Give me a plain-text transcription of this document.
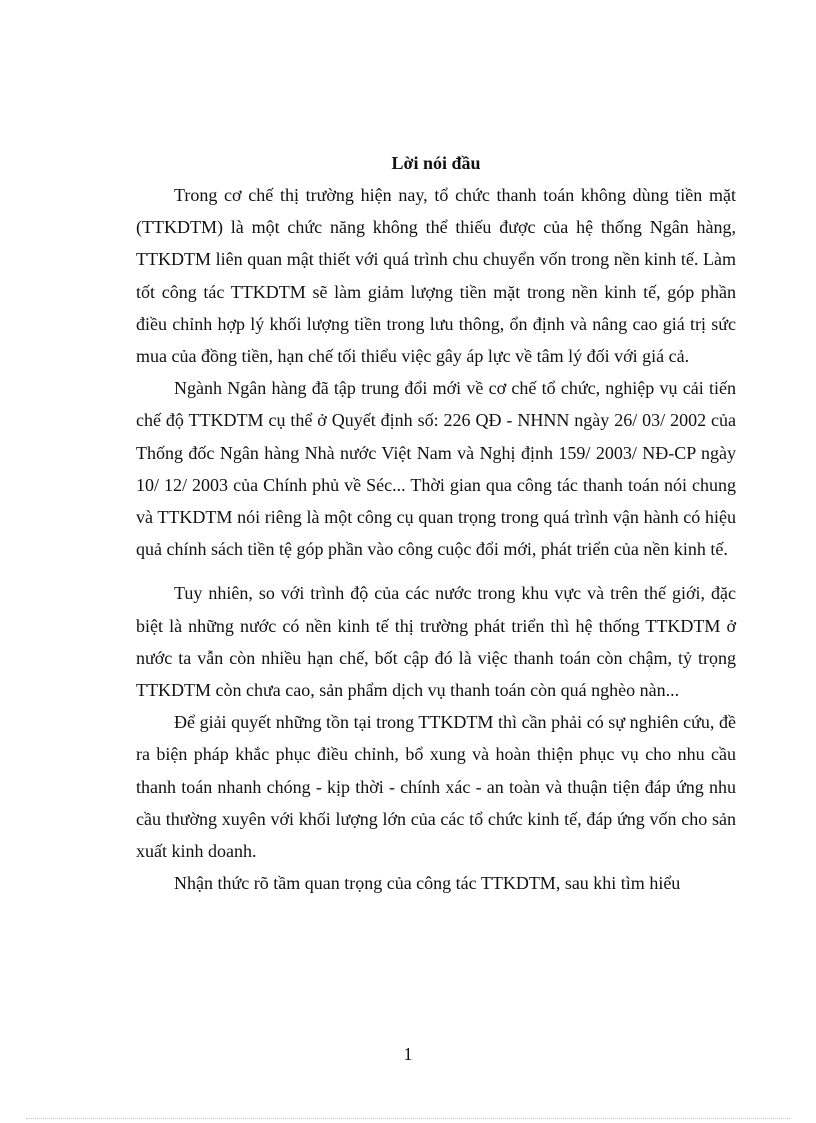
Lời nói đầu

Trong cơ chế thị trường hiện nay, tổ chức thanh toán không dùng tiền mặt (TTKDTM) là một chức năng không thể thiếu được của hệ thống Ngân hàng, TTKDTM liên quan mật thiết với quá trình chu chuyển vốn trong nền kinh tế. Làm tốt công tác TTKDTM sẽ làm giảm lượng tiền mặt trong nền kinh tế, góp phần điều chỉnh hợp lý khối lượng tiền trong lưu thông, ổn định và nâng cao giá trị sức mua của đồng tiền, hạn chế tối thiểu việc gây áp lực về tâm lý đối với giá cả.

Ngành Ngân hàng đã tập trung đổi mới về cơ chế tổ chức, nghiệp vụ cải tiến chế độ TTKDTM cụ thể ở Quyết định số: 226 QĐ - NHNN ngày 26/ 03/ 2002 của Thống đốc Ngân hàng Nhà nước Việt Nam và Nghị định 159/ 2003/ NĐ-CP ngày 10/ 12/ 2003 của Chính phủ về Séc... Thời gian qua công tác thanh toán nói chung và TTKDTM nói riêng là một công cụ quan trọng trong quá trình vận hành có hiệu quả chính sách tiền tệ góp phần vào công cuộc đổi mới, phát triển của nền kinh tế.

Tuy nhiên, so với trình độ của các nước trong khu vực và trên thế giới, đặc biệt là những nước có nền kinh tế thị trường phát triển thì hệ thống TTKDTM ở nước ta vẫn còn nhiều hạn chế, bốt cập đó là việc thanh toán còn chậm, tỷ trọng TTKDTM còn chưa cao, sản phẩm dịch vụ thanh toán còn quá nghèo nàn...

Để giải quyết những tồn tại trong TTKDTM thì cần phải có sự nghiên cứu, đề ra biện pháp khắc phục điều chỉnh, bổ xung và hoàn thiện phục vụ cho nhu cầu thanh toán nhanh chóng - kịp thời - chính xác - an toàn và thuận tiện đáp ứng nhu cầu thường xuyên với khối lượng lớn của các tổ chức kinh tế, đáp ứng vốn cho sản xuất kinh doanh.

Nhận thức rõ tầm quan trọng của công tác TTKDTM, sau khi tìm hiểu

1
